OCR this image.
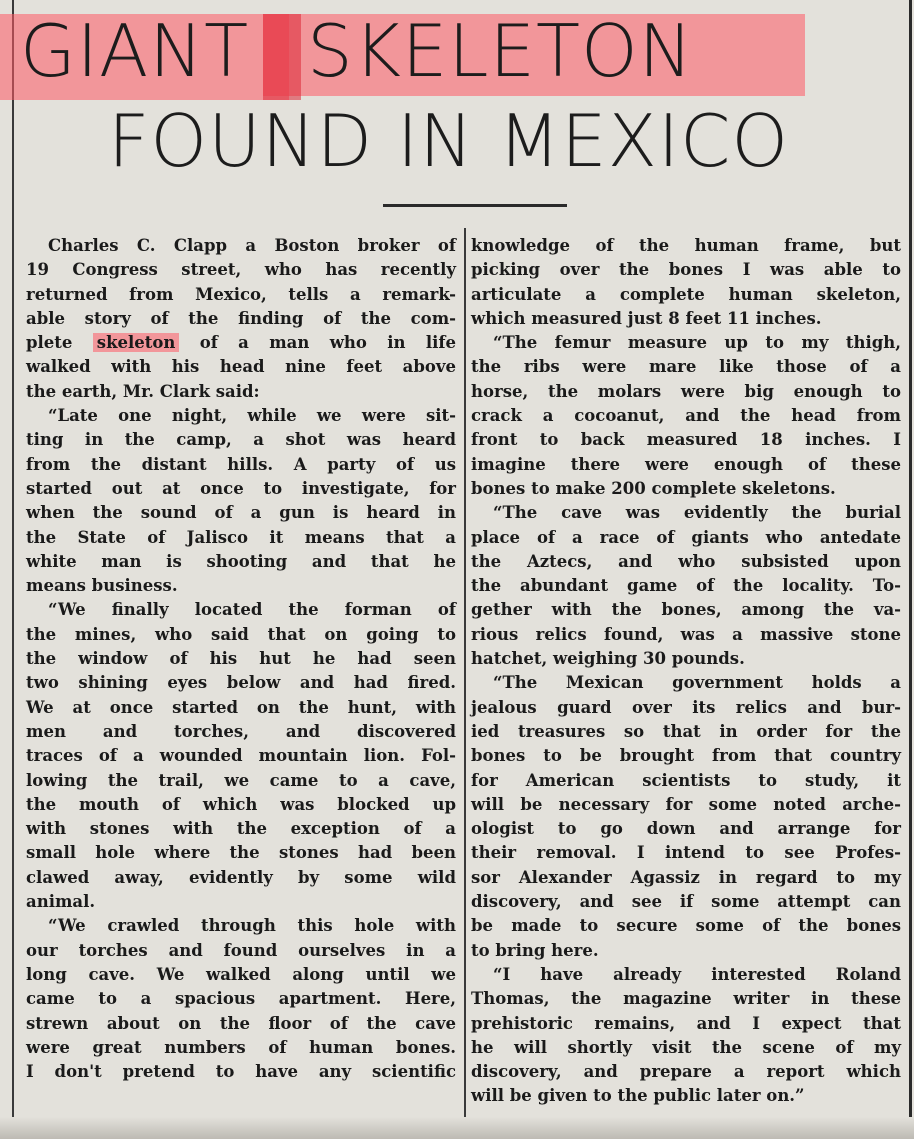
GIANT SKELETON
FOUND IN MEXICO
Charles C. Clapp a Boston broker of
19 Congress street, who has recently
returned from Mexico, tells a remark-
able story of the finding of the com-
plete skeleton of a man who in life
walked with his head nine feet above
the earth, Mr. Clark said:
“Late one night, while we were sit-
ting in the camp, a shot was heard
from the distant hills. A party of us
started out at once to investigate, for
when the sound of a gun is heard in
the State of Jalisco it means that a
white man is shooting and that he
means business.
“We finally located the forman of
the mines, who said that on going to
the window of his hut he had seen
two shining eyes below and had fired.
We at once started on the hunt, with
men and torches, and discovered
traces of a wounded mountain lion. Fol-
lowing the trail, we came to a cave,
the mouth of which was blocked up
with stones with the exception of a
small hole where the stones had been
clawed away, evidently by some wild
animal.
“We crawled through this hole with
our torches and found ourselves in a
long cave. We walked along until we
came to a spacious apartment. Here,
strewn about on the floor of the cave
were great numbers of human bones.
I don't pretend to have any scientific
knowledge of the human frame, but
picking over the bones I was able to
articulate a complete human skeleton,
which measured just 8 feet 11 inches.
“The femur measure up to my thigh,
the ribs were mare like those of a
horse, the molars were big enough to
crack a cocoanut, and the head from
front to back measured 18 inches. I
imagine there were enough of these
bones to make 200 complete skeletons.
“The cave was evidently the burial
place of a race of giants who antedate
the Aztecs, and who subsisted upon
the abundant game of the locality. To-
gether with the bones, among the va-
rious relics found, was a massive stone
hatchet, weighing 30 pounds.
“The Mexican government holds a
jealous guard over its relics and bur-
ied treasures so that in order for the
bones to be brought from that country
for American scientists to study, it
will be necessary for some noted arche-
ologist to go down and arrange for
their removal. I intend to see Profes-
sor Alexander Agassiz in regard to my
discovery, and see if some attempt can
be made to secure some of the bones
to bring here.
“I have already interested Roland
Thomas, the magazine writer in these
prehistoric remains, and I expect that
he will shortly visit the scene of my
discovery, and prepare a report which
will be given to the public later on.”
